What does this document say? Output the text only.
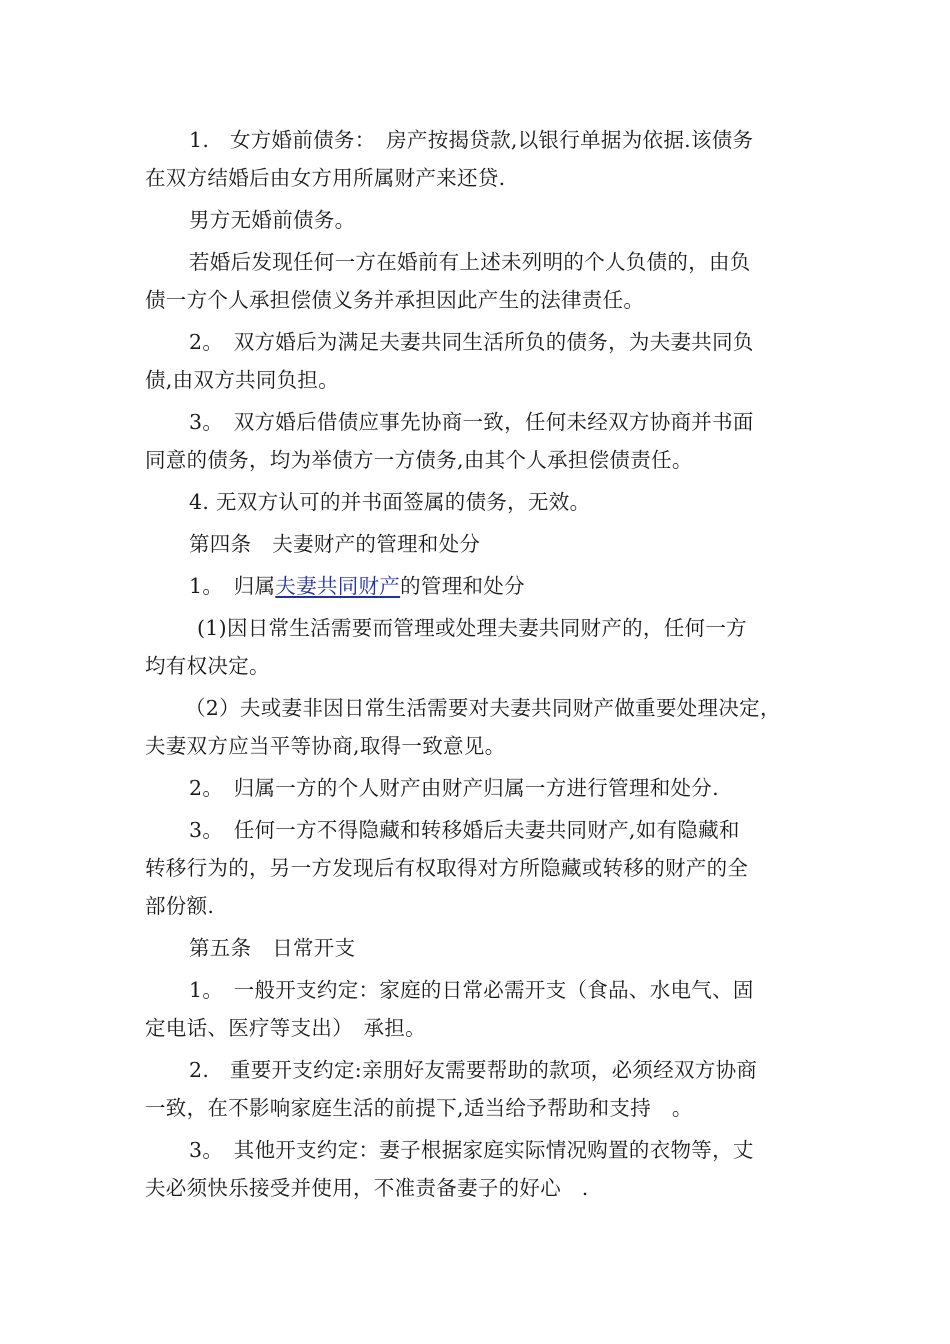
1.　女方婚前债务：　房产按揭贷款,以银行单据为依据.该债务
在双方结婚后由女方用所属财产来还贷.

男方无婚前债务。

若婚后发现任何一方在婚前有上述未列明的个人负债的，由负
债一方个人承担偿债义务并承担因此产生的法律责任。

2。　双方婚后为满足夫妻共同生活所负的债务，为夫妻共同负
债,由双方共同负担。

3。　双方婚后借债应事先协商一致，任何未经双方协商并书面
同意的债务，均为举债方一方债务,由其个人承担偿债责任。

4. 无双方认可的并书面签属的债务，无效。

第四条　夫妻财产的管理和处分

1。　归属夫妻共同财产的管理和处分

(1)因日常生活需要而管理或处理夫妻共同财产的，任何一方
均有权决定。

（2）夫或妻非因日常生活需要对夫妻共同财产做重要处理决定，
夫妻双方应当平等协商,取得一致意见。

2。　归属一方的个人财产由财产归属一方进行管理和处分.

3。　任何一方不得隐藏和转移婚后夫妻共同财产,如有隐藏和
转移行为的，另一方发现后有权取得对方所隐藏或转移的财产的全
部份额.

第五条　日常开支

1。　一般开支约定：家庭的日常必需开支（食品、水电气、固
定电话、医疗等支出）　承担。

2.　重要开支约定:亲朋好友需要帮助的款项，必须经双方协商
一致，在不影响家庭生活的前提下,适当给予帮助和支持　。

3。　其他开支约定：妻子根据家庭实际情况购置的衣物等，丈
夫必须快乐接受并使用，不准责备妻子的好心　.
